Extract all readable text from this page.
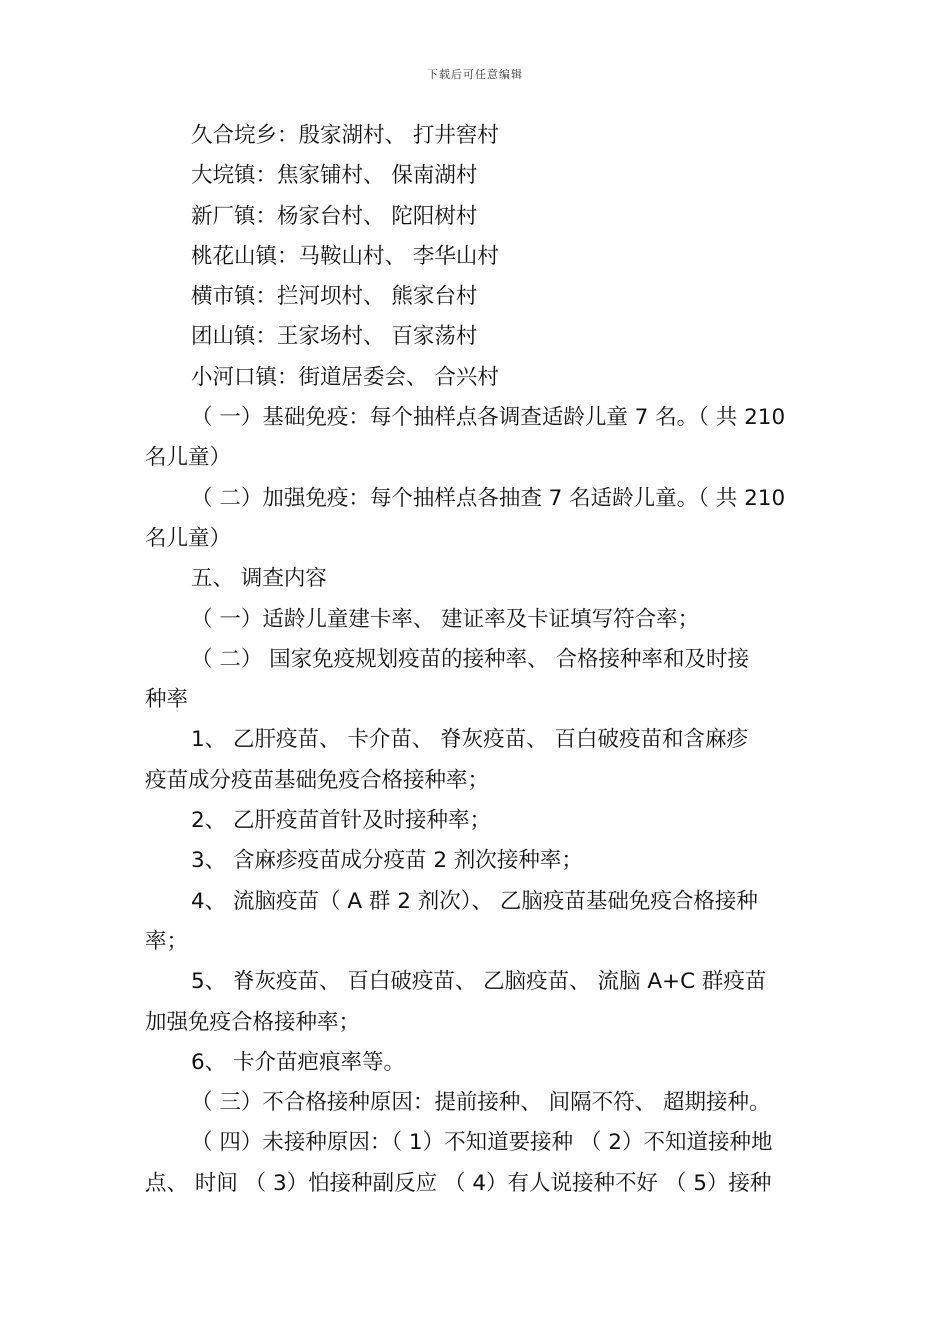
下载后可任意编辑
久合垸乡：殷家湖村、 打井窖村
大垸镇：焦家铺村、 保南湖村
新厂镇：杨家台村、 陀阳树村
桃花山镇：马鞍山村、 李华山村
横市镇：拦河坝村、 熊家台村
团山镇：王家场村、 百家荡村
小河口镇：街道居委会、 合兴村
（ 一）基础免疫：每个抽样点各调查适龄儿童 7 名。（ 共 210
名儿童）
（ 二）加强免疫：每个抽样点各抽查 7 名适龄儿童。（ 共 210
名儿童）
五、 调查内容
（ 一）适龄儿童建卡率、 建证率及卡证填写符合率；
（ 二） 国家免疫规划疫苗的接种率、 合格接种率和及时接
种率
1、 乙肝疫苗、 卡介苗、 脊灰疫苗、 百白破疫苗和含麻疹
疫苗成分疫苗基础免疫合格接种率；
2、 乙肝疫苗首针及时接种率；
3、 含麻疹疫苗成分疫苗 2 剂次接种率；
4、 流脑疫苗（ A 群 2 剂次）、 乙脑疫苗基础免疫合格接种
率；
5、 脊灰疫苗、 百白破疫苗、 乙脑疫苗、 流脑 A+C 群疫苗
加强免疫合格接种率；
6、 卡介苗疤痕率等。
（ 三）不合格接种原因：提前接种、 间隔不符、 超期接种。
（ 四）未接种原因：（ 1）不知道要接种 （ 2）不知道接种地
点、 时间 （ 3）怕接种副反应 （ 4）有人说接种不好 （ 5）接种
